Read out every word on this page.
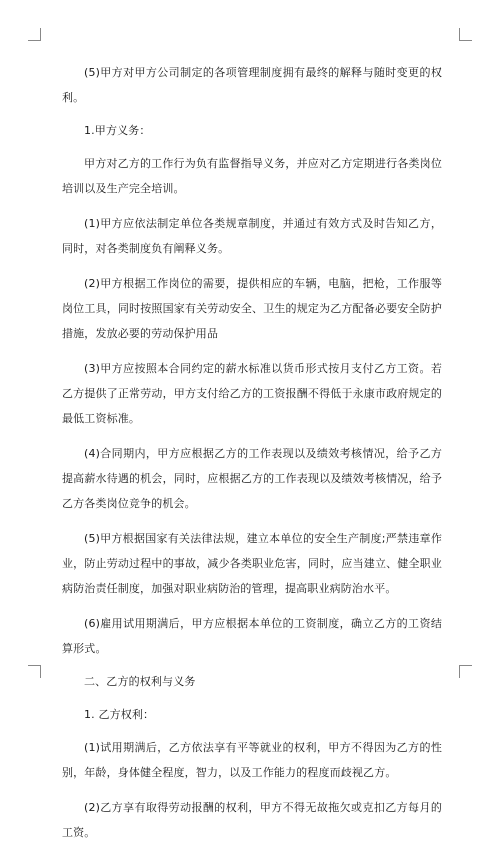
(5)甲方对甲方公司制定的各项管理制度拥有最终的解释与随时变更的权利。

1.甲方义务：

甲方对乙方的工作行为负有监督指导义务，并应对乙方定期进行各类岗位培训以及生产完全培训。

(1)甲方应依法制定单位各类规章制度，并通过有效方式及时告知乙方，同时，对各类制度负有阐释义务。

(2)甲方根据工作岗位的需要，提供相应的车辆，电脑，把枪，工作服等岗位工具，同时按照国家有关劳动安全、卫生的规定为乙方配备必要安全防护措施，发放必要的劳动保护用品

(3)甲方应按照本合同约定的薪水标准以货币形式按月支付乙方工资。若乙方提供了正常劳动，甲方支付给乙方的工资报酬不得低于永康市政府规定的最低工资标准。

(4)合同期内，甲方应根据乙方的工作表现以及绩效考核情况，给予乙方提高薪水待遇的机会，同时，应根据乙方的工作表现以及绩效考核情况，给予乙方各类岗位竞争的机会。

(5)甲方根据国家有关法律法规，建立本单位的安全生产制度;严禁违章作业，防止劳动过程中的事故，减少各类职业危害，同时，应当建立、健全职业病防治责任制度，加强对职业病防治的管理，提高职业病防治水平。

(6)雇用试用期满后，甲方应根据本单位的工资制度，确立乙方的工资结算形式。

二、乙方的权利与义务

1. 乙方权利：

(1)试用期满后，乙方依法享有平等就业的权利，甲方不得因为乙方的性别，年龄，身体健全程度，智力，以及工作能力的程度而歧视乙方。

(2)乙方享有取得劳动报酬的权利，甲方不得无故拖欠或克扣乙方每月的工资。
